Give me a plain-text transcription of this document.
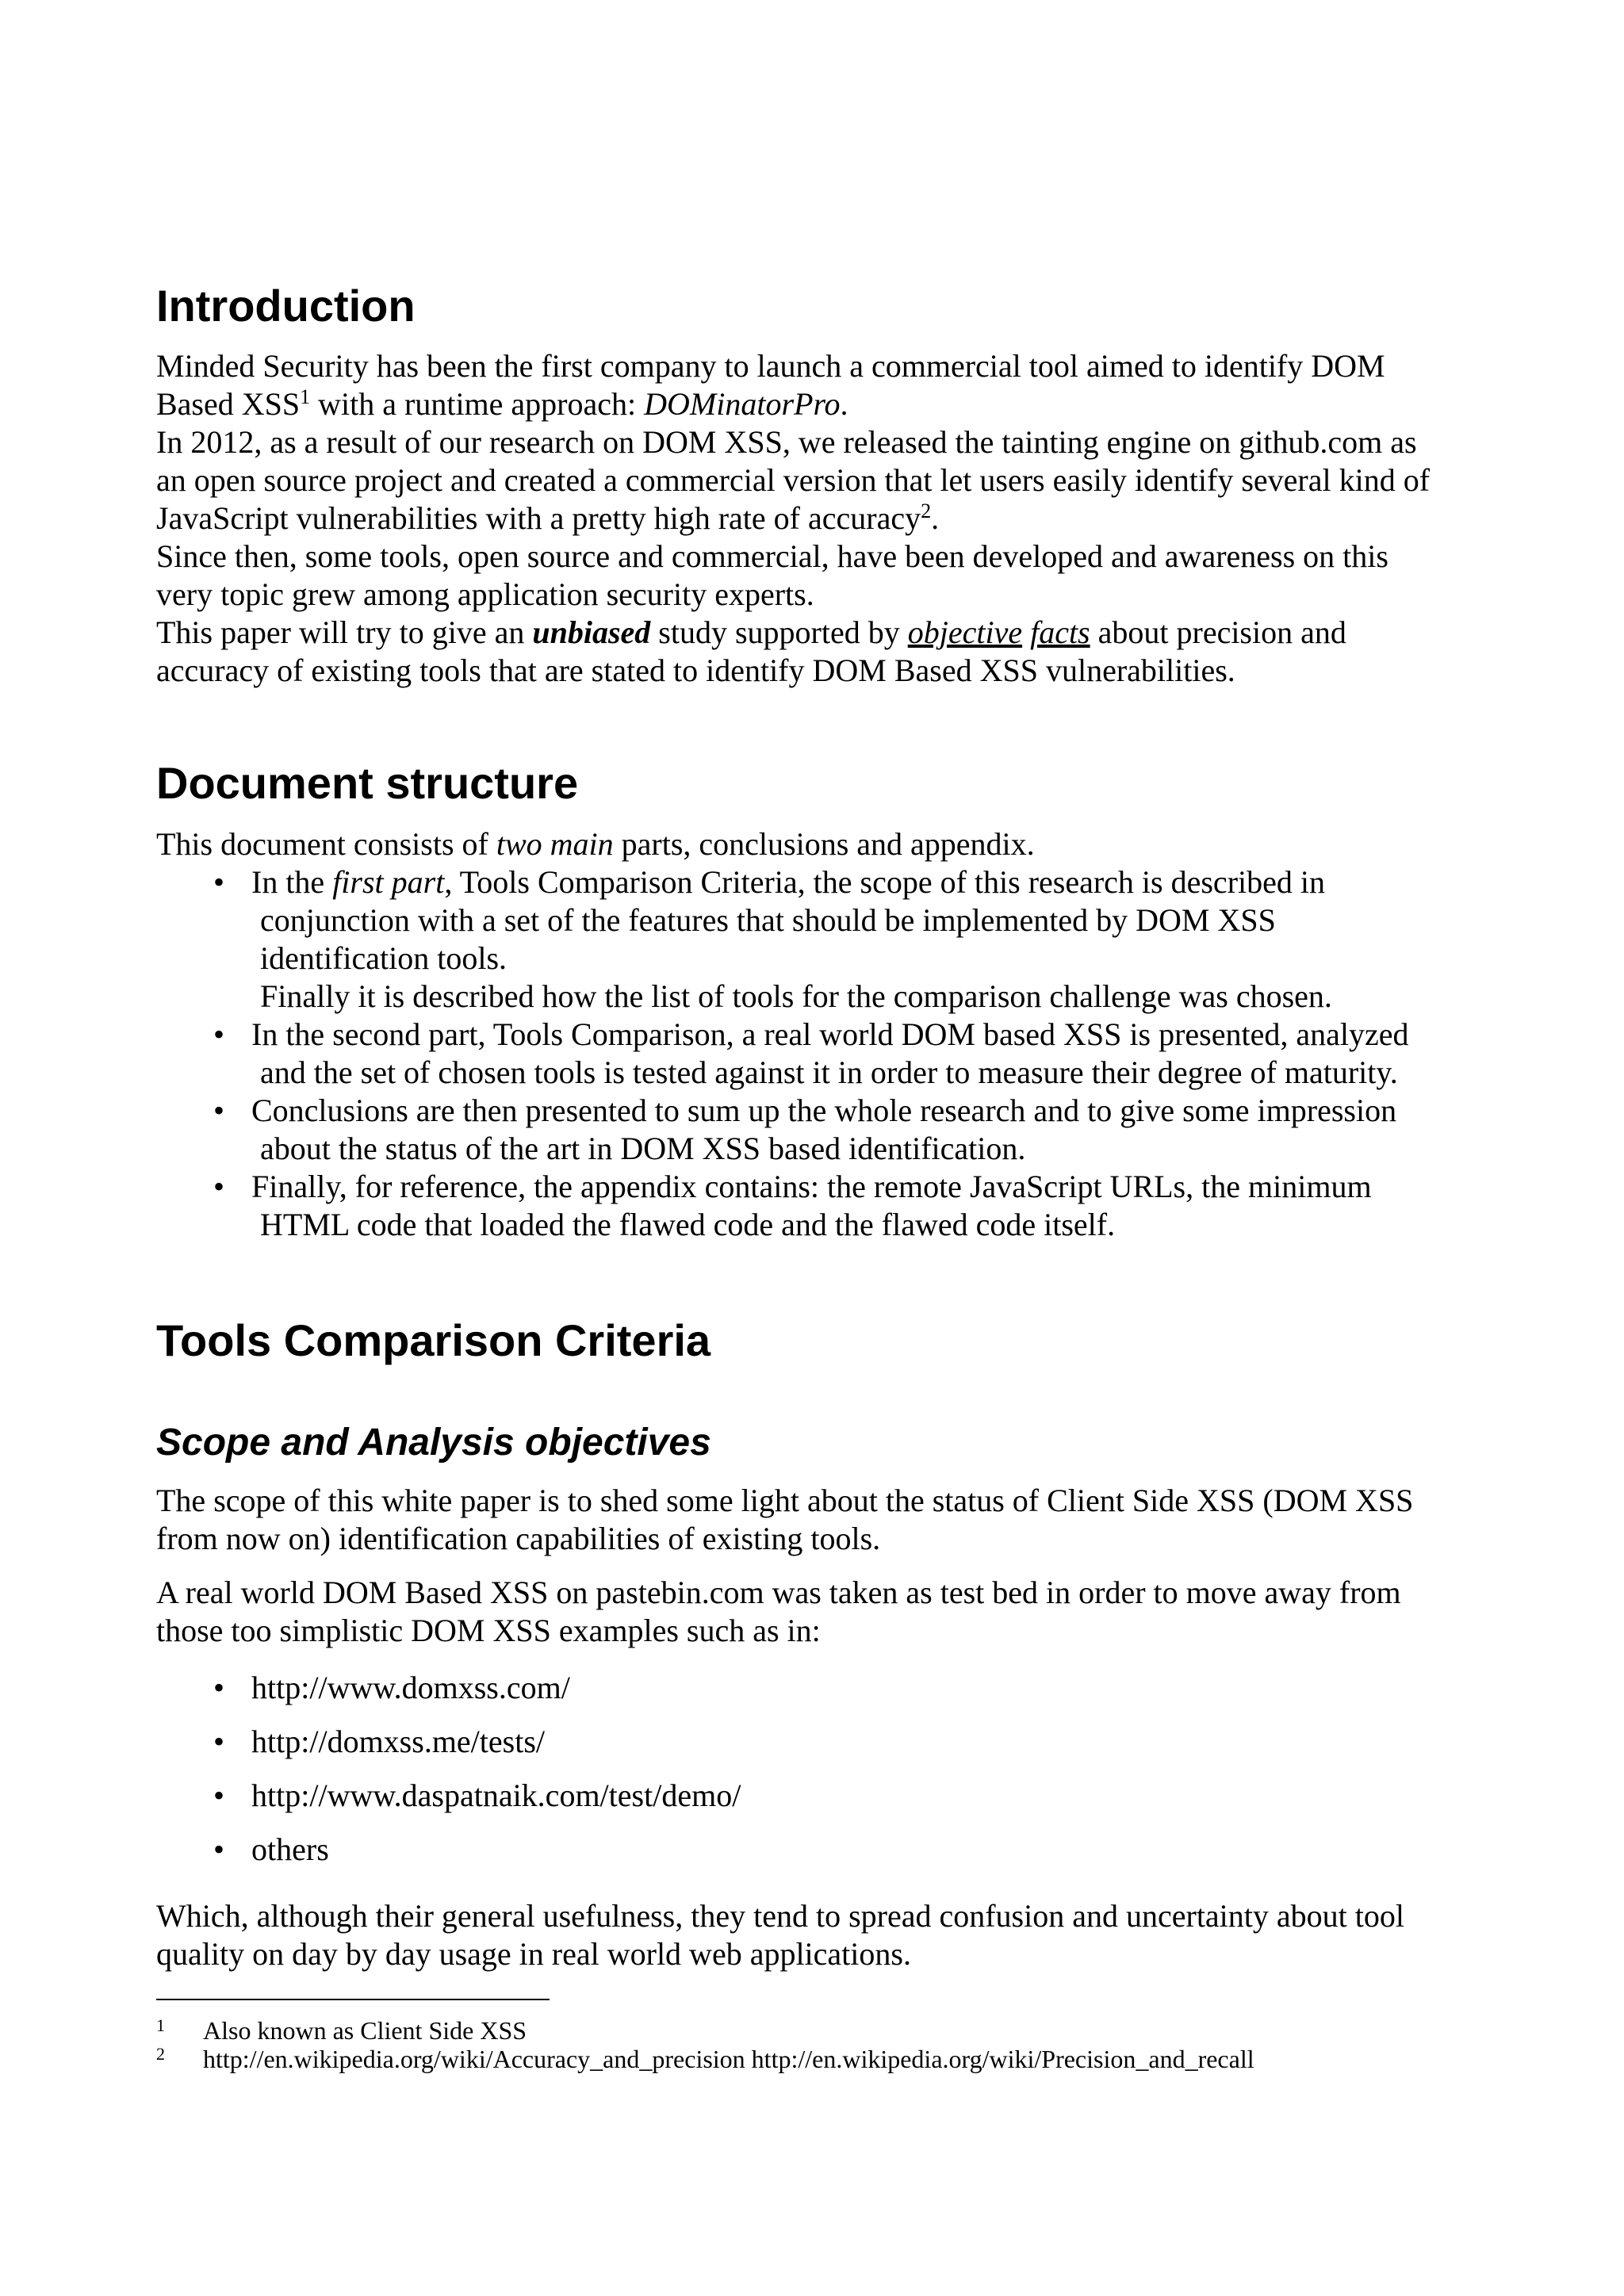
Introduction
Minded Security has been the first company to launch a commercial tool aimed to identify DOM
Based XSS$^1$ with a runtime approach: DOMinatorPro.
In 2012, as a result of our research on DOM XSS, we released the tainting engine on github.com as
an open source project and created a commercial version that let users easily identify several kind of
JavaScript vulnerabilities with a pretty high rate of accuracy$^2$.
Since then, some tools, open source and commercial, have been developed and awareness on this
very topic grew among application security experts.
This paper will try to give an unbiased study supported by objective facts about precision and
accuracy of existing tools that are stated to identify DOM Based XSS vulnerabilities.
Document structure
This document consists of two main parts, conclusions and appendix.
• In the first part, Tools Comparison Criteria, the scope of this research is described in
conjunction with a set of the features that should be implemented by DOM XSS
identification tools.
Finally it is described how the list of tools for the comparison challenge was chosen.
• In the second part, Tools Comparison, a real world DOM based XSS is presented, analyzed
and the set of chosen tools is tested against it in order to measure their degree of maturity.
• Conclusions are then presented to sum up the whole research and to give some impression
about the status of the art in DOM XSS based identification.
• Finally, for reference, the appendix contains: the remote JavaScript URLs, the minimum
HTML code that loaded the flawed code and the flawed code itself.
Tools Comparison Criteria
Scope and Analysis objectives
The scope of this white paper is to shed some light about the status of Client Side XSS (DOM XSS
from now on) identification capabilities of existing tools.
A real world DOM Based XSS on pastebin.com was taken as test bed in order to move away from
those too simplistic DOM XSS examples such as in:
• http://www.domxss.com/
• http://domxss.me/tests/
• http://www.daspatnaik.com/test/demo/
• others
Which, although their general usefulness, they tend to spread confusion and uncertainty about tool
quality on day by day usage in real world web applications.
1 Also known as Client Side XSS
2 http://en.wikipedia.org/wiki/Accuracy_and_precision http://en.wikipedia.org/wiki/Precision_and_recall
